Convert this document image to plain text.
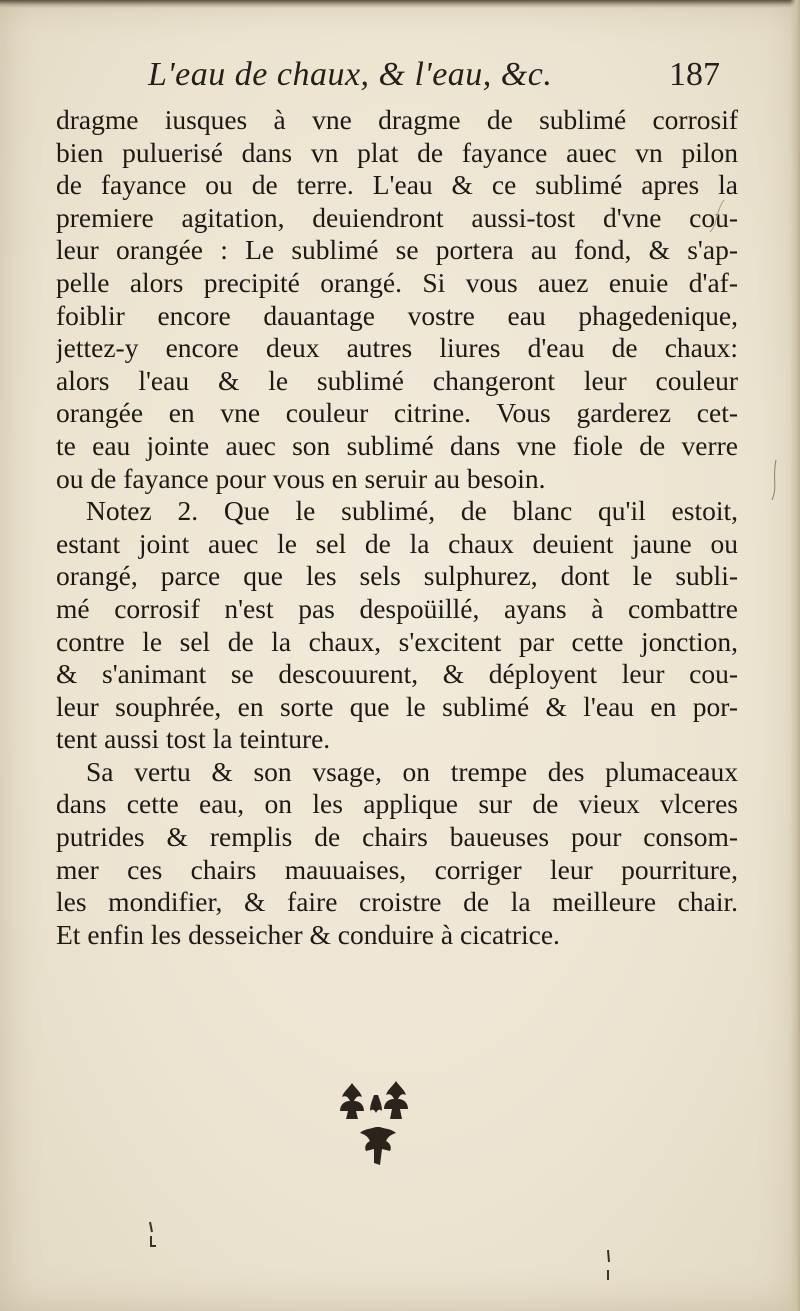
L'eau de chaux, & l'eau, &c.	187
dragme iusques à vne dragme de sublimé corrosif
bien puluerisé dans vn plat de fayance auec vn pilon
de fayance ou de terre. L'eau & ce sublimé apres la
premiere agitation, deuiendront aussi-tost d'vne cou-
leur orangée : Le sublimé se portera au fond, & s'ap-
pelle alors precipité orangé. Si vous auez enuie d'af-
foiblir encore dauantage vostre eau phagedenique,
jettez-y encore deux autres liures d'eau de chaux:
alors l'eau & le sublimé changeront leur couleur
orangée en vne couleur citrine. Vous garderez cet-
te eau jointe auec son sublimé dans vne fiole de verre
ou de fayance pour vous en seruir au besoin.
Notez 2. Que le sublimé, de blanc qu'il estoit,
estant joint auec le sel de la chaux deuient jaune ou
orangé, parce que les sels sulphurez, dont le subli-
mé corrosif n'est pas despoüillé, ayans à combattre
contre le sel de la chaux, s'excitent par cette jonction,
& s'animant se descouurent, & déployent leur cou-
leur souphrée, en sorte que le sublimé & l'eau en por-
tent aussi tost la teinture.
Sa vertu & son vsage, on trempe des plumaceaux
dans cette eau, on les applique sur de vieux vlceres
putrides & remplis de chairs baueuses pour consom-
mer ces chairs mauuaises, corriger leur pourriture,
les mondifier, & faire croistre de la meilleure chair.
Et enfin les desseicher & conduire à cicatrice.
